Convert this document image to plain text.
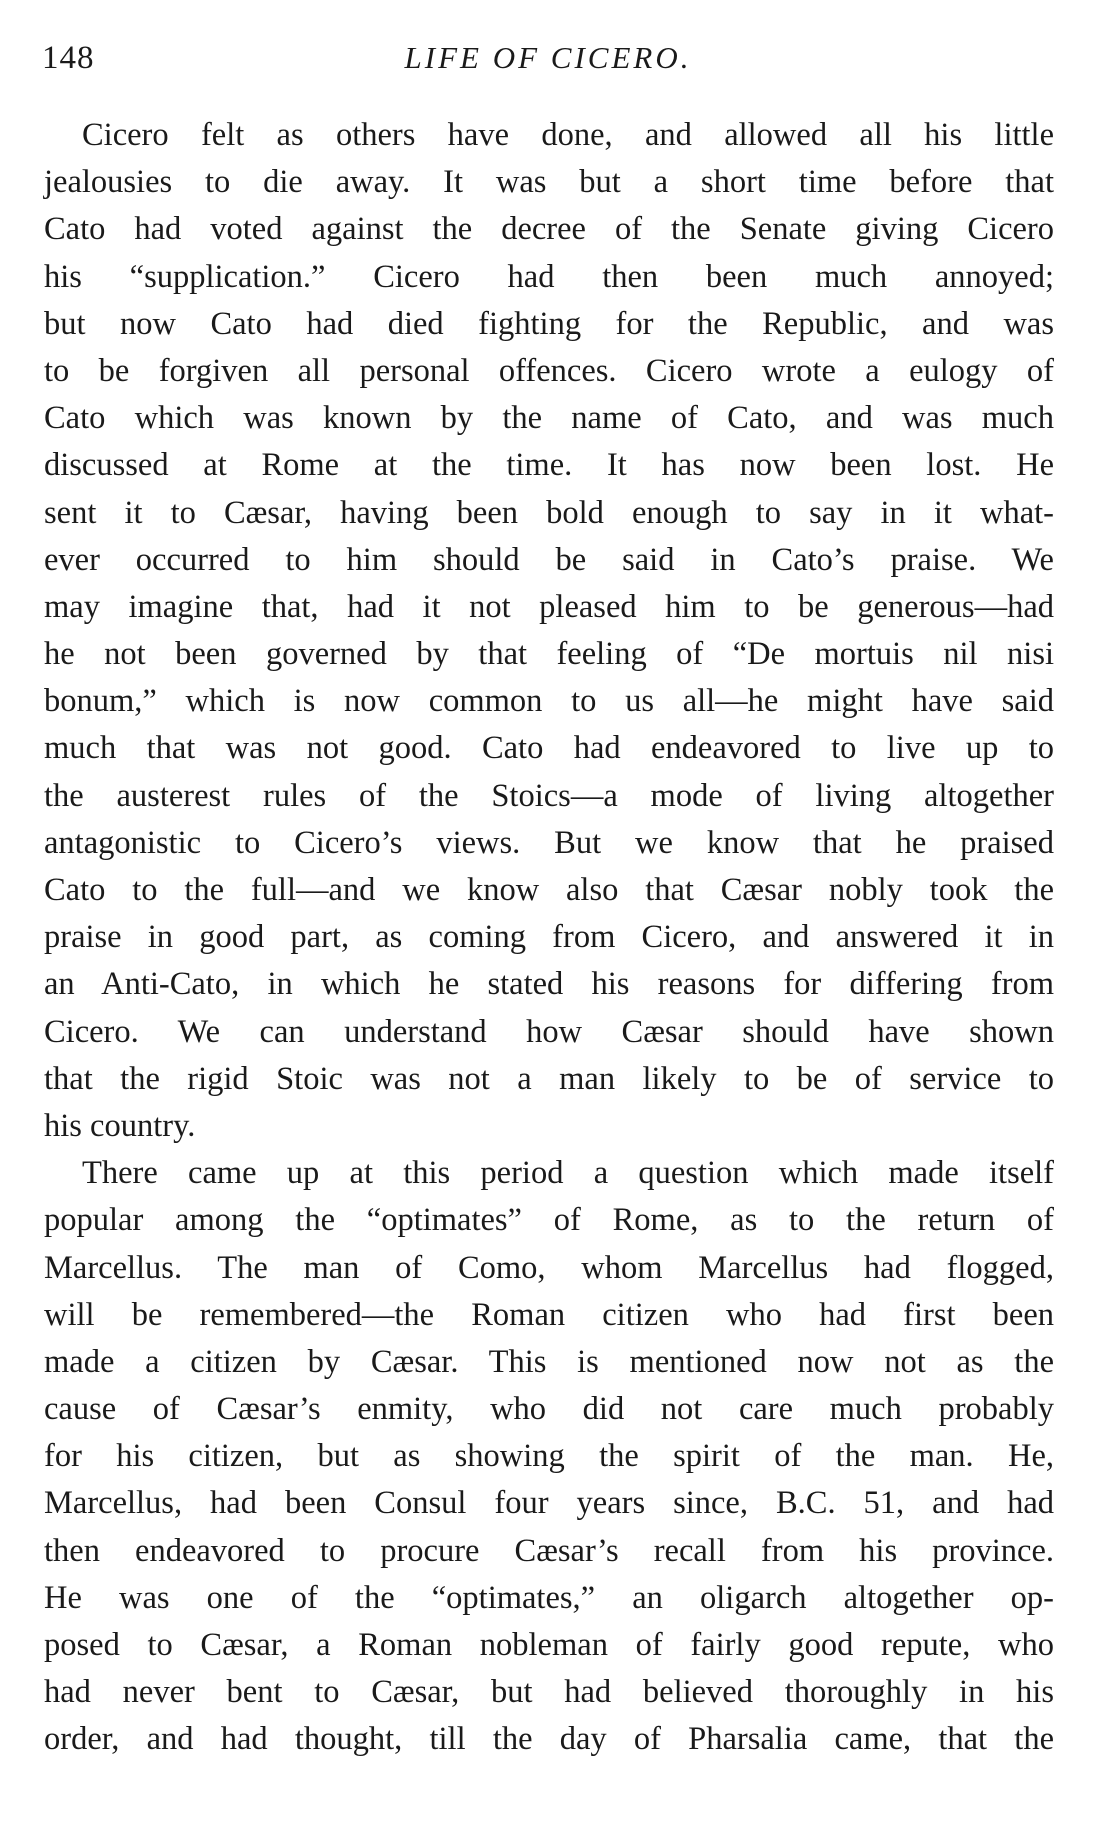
148	LIFE OF CICERO.
Cicero felt as others have done, and allowed all his little
jealousies to die away. It was but a short time before that
Cato had voted against the decree of the Senate giving Cicero
his “supplication.” Cicero had then been much annoyed;
but now Cato had died fighting for the Republic, and was
to be forgiven all personal offences. Cicero wrote a eulogy of
Cato which was known by the name of Cato, and was much
discussed at Rome at the time. It has now been lost. He
sent it to Cæsar, having been bold enough to say in it what-
ever occurred to him should be said in Cato’s praise. We
may imagine that, had it not pleased him to be generous—had
he not been governed by that feeling of “De mortuis nil nisi
bonum,” which is now common to us all—he might have said
much that was not good. Cato had endeavored to live up to
the austerest rules of the Stoics—a mode of living altogether
antagonistic to Cicero’s views. But we know that he praised
Cato to the full—and we know also that Cæsar nobly took the
praise in good part, as coming from Cicero, and answered it in
an Anti-Cato, in which he stated his reasons for differing from
Cicero. We can understand how Cæsar should have shown
that the rigid Stoic was not a man likely to be of service to
his country.
There came up at this period a question which made itself
popular among the “optimates” of Rome, as to the return of
Marcellus. The man of Como, whom Marcellus had flogged,
will be remembered—the Roman citizen who had first been
made a citizen by Cæsar. This is mentioned now not as the
cause of Cæsar’s enmity, who did not care much probably
for his citizen, but as showing the spirit of the man. He,
Marcellus, had been Consul four years since, B.C. 51, and had
then endeavored to procure Cæsar’s recall from his province.
He was one of the “optimates,” an oligarch altogether op-
posed to Cæsar, a Roman nobleman of fairly good repute, who
had never bent to Cæsar, but had believed thoroughly in his
order, and had thought, till the day of Pharsalia came, that the
